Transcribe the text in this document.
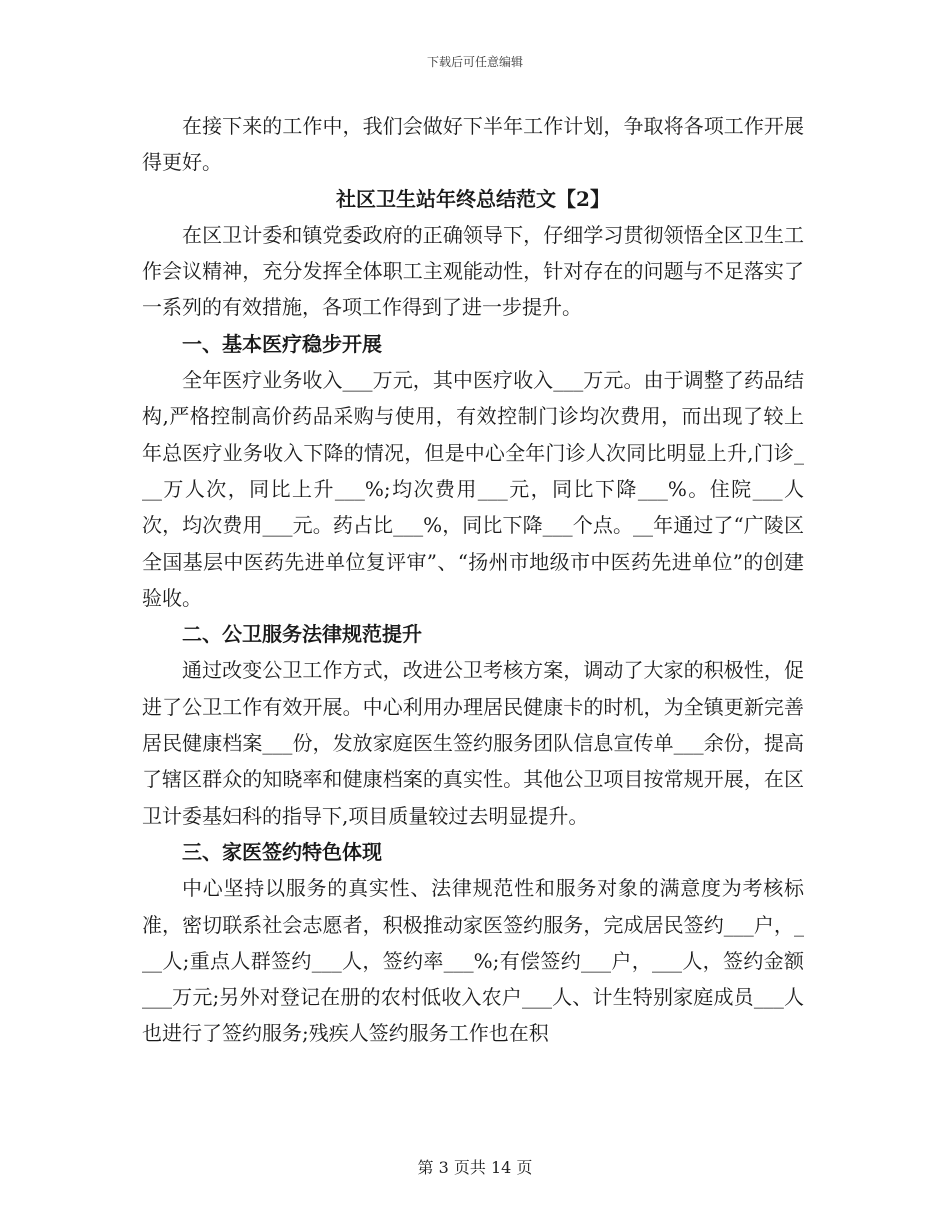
下载后可任意编辑

在接下来的工作中，我们会做好下半年工作计划，争取将各项工作开展得更好。

社区卫生站年终总结范文【2】

在区卫计委和镇党委政府的正确领导下，仔细学习贯彻领悟全区卫生工作会议精神，充分发挥全体职工主观能动性，针对存在的问题与不足落实了一系列的有效措施，各项工作得到了进一步提升。

一、基本医疗稳步开展

全年医疗业务收入___万元，其中医疗收入___万元。由于调整了药品结构,严格控制高价药品采购与使用，有效控制门诊均次费用，而出现了较上年总医疗业务收入下降的情况，但是中心全年门诊人次同比明显上升,门诊___万人次，同比上升___%;均次费用___元，同比下降___%。住院___人次，均次费用___元。药占比___%，同比下降___个点。__年通过了“广陵区全国基层中医药先进单位复评审”、“扬州市地级市中医药先进单位”的创建验收。

二、公卫服务法律规范提升

通过改变公卫工作方式，改进公卫考核方案，调动了大家的积极性，促进了公卫工作有效开展。中心利用办理居民健康卡的时机，为全镇更新完善居民健康档案___份，发放家庭医生签约服务团队信息宣传单___余份，提高了辖区群众的知晓率和健康档案的真实性。其他公卫项目按常规开展，在区卫计委基妇科的指导下,项目质量较过去明显提升。

三、家医签约特色体现

中心坚持以服务的真实性、法律规范性和服务对象的满意度为考核标准，密切联系社会志愿者，积极推动家医签约服务，完成居民签约___户，___人;重点人群签约___人，签约率___%;有偿签约___户，___人，签约金额___万元;另外对登记在册的农村低收入农户___人、计生特别家庭成员___人也进行了签约服务;残疾人签约服务工作也在积

第 3 页共 14 页
